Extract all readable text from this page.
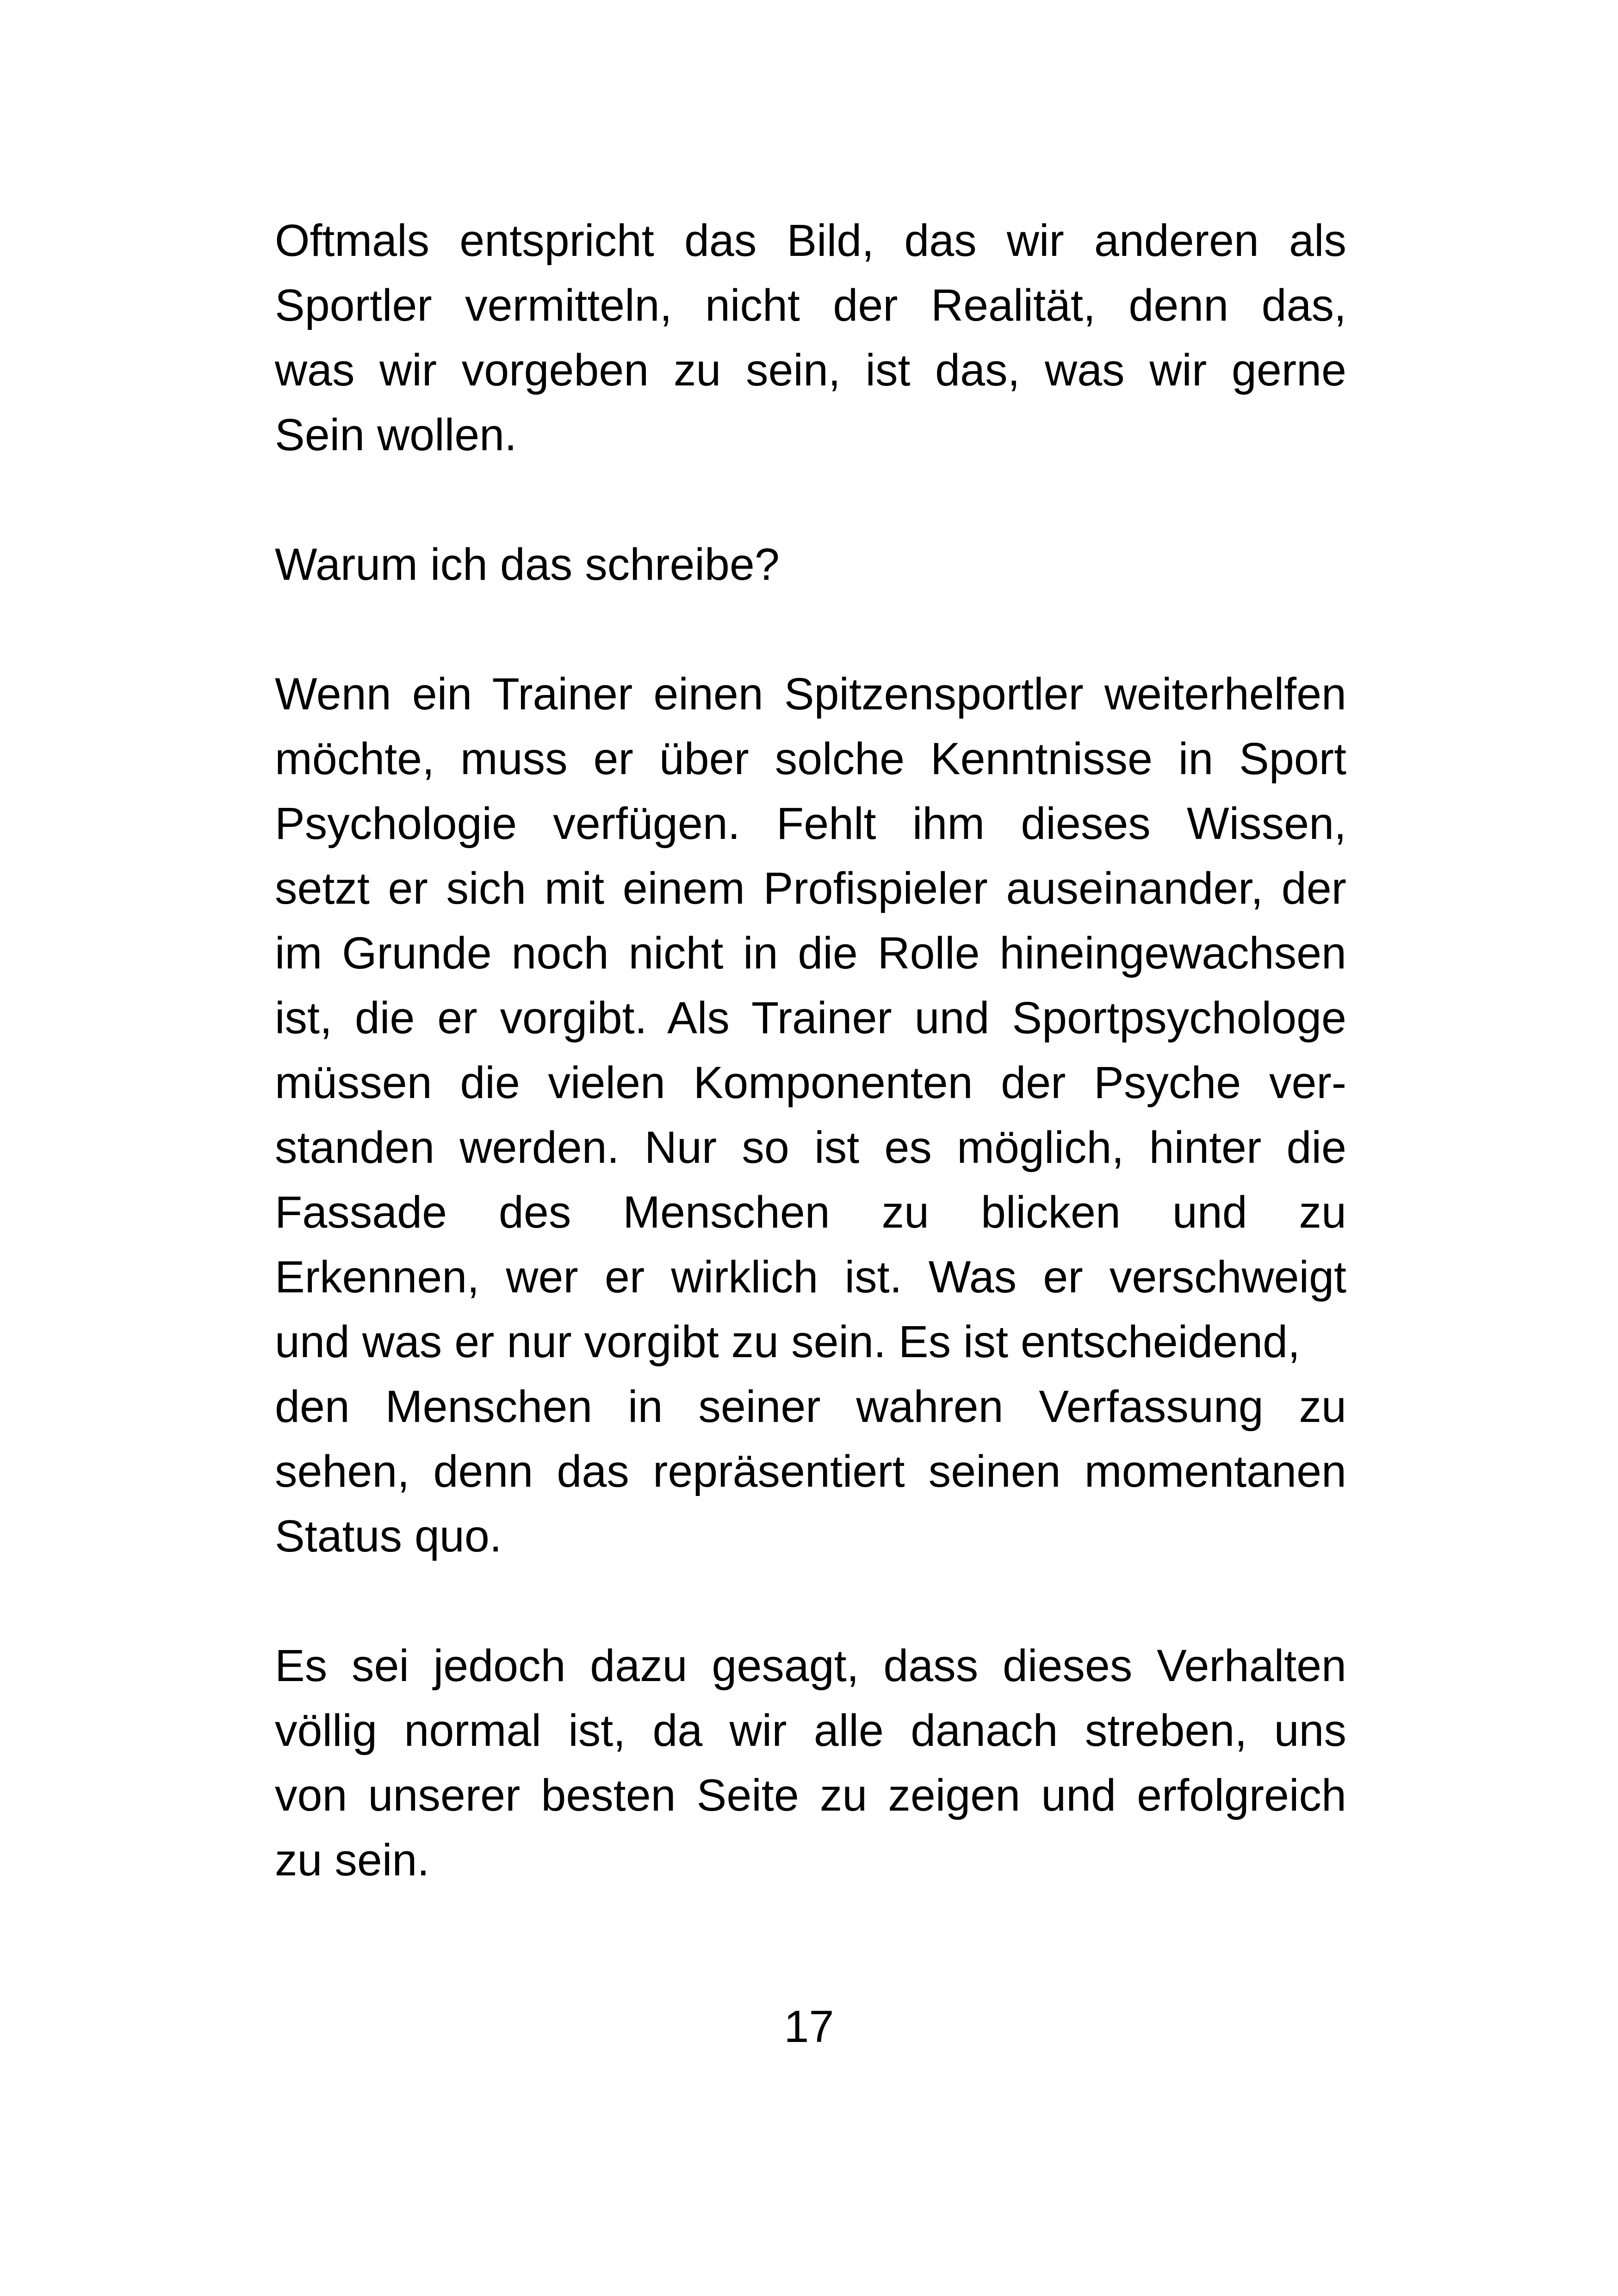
Oftmals entspricht das Bild, das wir anderen als
Sportler vermitteln, nicht der Realität, denn das,
was wir vorgeben zu sein, ist das, was wir gerne
Sein wollen.
Warum ich das schreibe?
Wenn ein Trainer einen Spitzensportler weiterhelfen
möchte, muss er über solche Kenntnisse in Sport
Psychologie verfügen. Fehlt ihm dieses Wissen,
setzt er sich mit einem Profispieler auseinander, der
im Grunde noch nicht in die Rolle hineingewachsen
ist, die er vorgibt. Als Trainer und Sportpsychologe
müssen die vielen Komponenten der Psyche ver-
standen werden. Nur so ist es möglich, hinter die
Fassade des Menschen zu blicken und zu
Erkennen, wer er wirklich ist. Was er verschweigt
und was er nur vorgibt zu sein. Es ist entscheidend,
den Menschen in seiner wahren Verfassung zu
sehen, denn das repräsentiert seinen momentanen
Status quo.
Es sei jedoch dazu gesagt, dass dieses Verhalten
völlig normal ist, da wir alle danach streben, uns
von unserer besten Seite zu zeigen und erfolgreich
zu sein.
17
